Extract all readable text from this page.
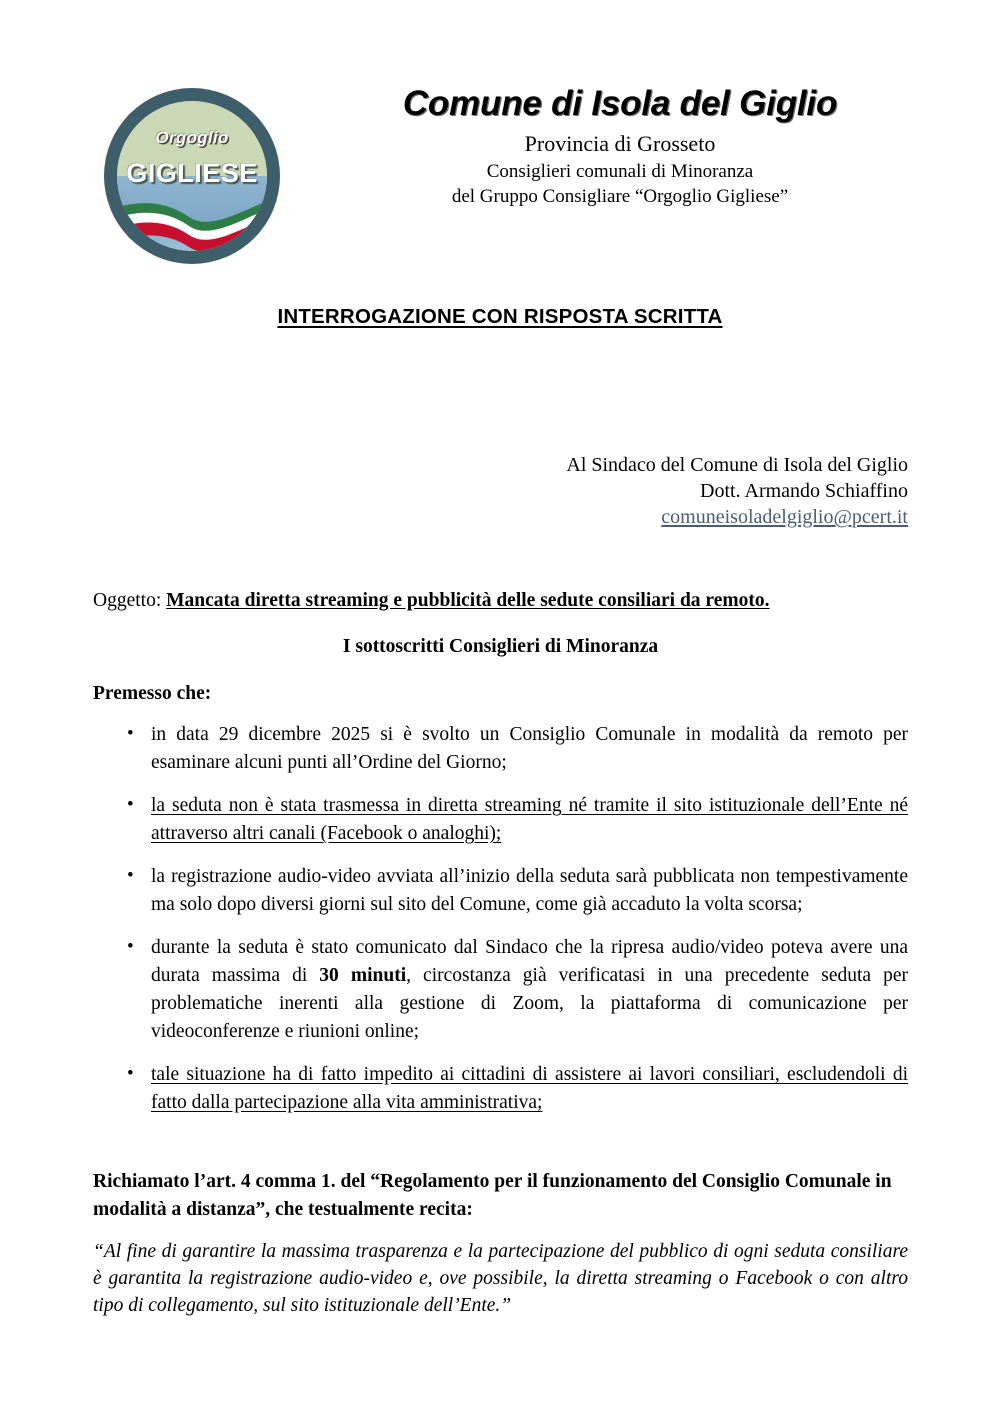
Orgoglio
GIGLIESE
Comune di Isola del Giglio
Provincia di Grosseto
Consiglieri comunali di Minoranza
del Gruppo Consigliare “Orgoglio Gigliese”
INTERROGAZIONE CON RISPOSTA SCRITTA
Al Sindaco del Comune di Isola del Giglio
Dott. Armando Schiaffino
comuneisoladelgiglio@pcert.it

Oggetto: Mancata diretta streaming e pubblicità delle sedute consiliari da remoto.

I sottoscritti Consiglieri di Minoranza

Premesso che:

• in data 29 dicembre 2025 si è svolto un Consiglio Comunale in modalità da remoto per esaminare alcuni punti all’Ordine del Giorno;
• la seduta non è stata trasmessa in diretta streaming né tramite il sito istituzionale dell’Ente né attraverso altri canali (Facebook o analoghi);
• la registrazione audio-video avviata all’inizio della seduta sarà pubblicata non tempestivamente ma solo dopo diversi giorni sul sito del Comune, come già accaduto la volta scorsa;
• durante la seduta è stato comunicato dal Sindaco che la ripresa audio/video poteva avere una durata massima di 30 minuti, circostanza già verificatasi in una precedente seduta per problematiche inerenti alla gestione di Zoom, la piattaforma di comunicazione per videoconferenze e riunioni online;
• tale situazione ha di fatto impedito ai cittadini di assistere ai lavori consiliari, escludendoli di fatto dalla partecipazione alla vita amministrativa;

Richiamato l’art. 4 comma 1. del “Regolamento per il funzionamento del Consiglio Comunale in modalità a distanza”, che testualmente recita:

“Al fine di garantire la massima trasparenza e la partecipazione del pubblico di ogni seduta consiliare è garantita la registrazione audio-video e, ove possibile, la diretta streaming o Facebook o con altro tipo di collegamento, sul sito istituzionale dell’Ente.”
